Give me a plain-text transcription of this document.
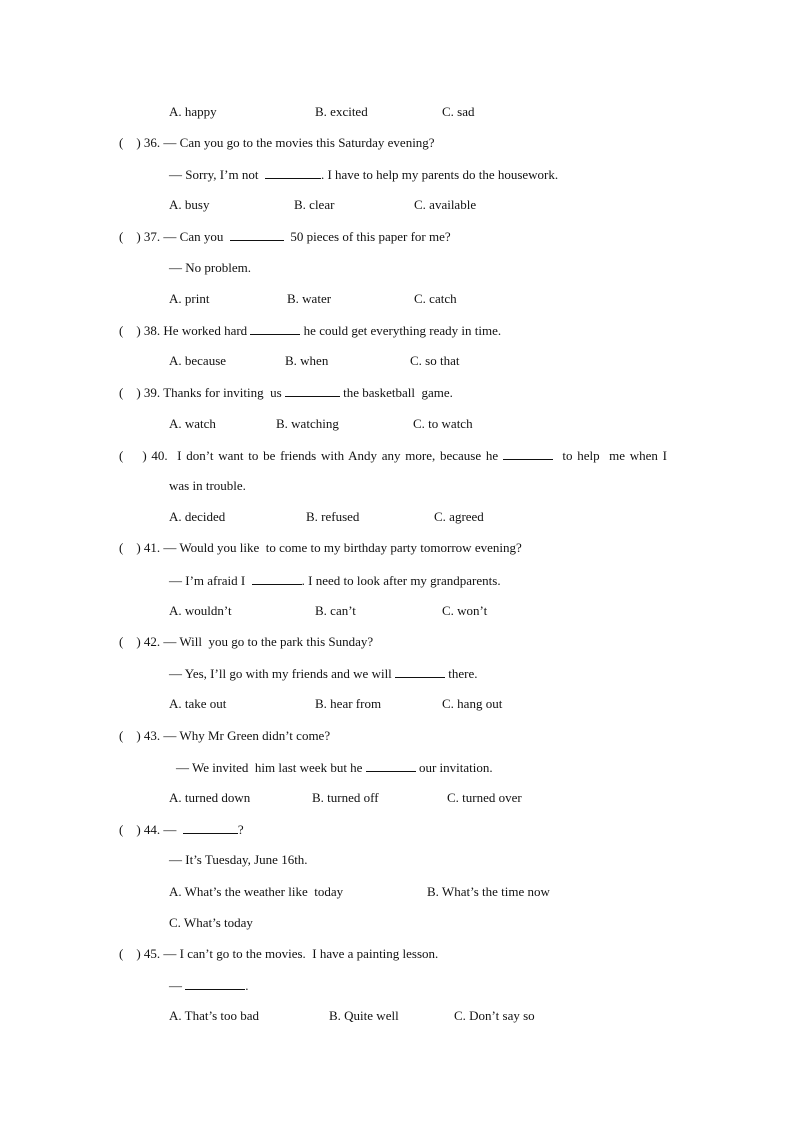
A. happy	B. excited	C. sad
(    ) 36. — Can you go to the movies this Saturday evening?
— Sorry, I’m not	. I have to help my parents do the housework.
A. busy	B. clear	C. available
(    ) 37. — Can you	50 pieces of this paper for me?
— No problem.
A. print	B. water	C. catch
(    ) 38. He worked hard	he could get everything ready in time.
A. because	B. when	C. so that
(    ) 39. Thanks for inviting  us	the basketball  game.
A. watch	B. watching	C. to watch
(    ) 40. I don’t want to be friends with Andy any more, because he	to help  me when I
was in trouble.
A. decided	B. refused	C. agreed
(    ) 41. — Would you like  to come to my birthday party tomorrow evening?
— I’m afraid I	. I need to look after my grandparents.
A. wouldn’t	B. can’t	C. won’t
(    ) 42. — Will  you go to the park this Sunday?
— Yes, I’ll go with my friends and we will	there.
A. take out	B. hear from	C. hang out
(    ) 43. — Why Mr Green didn’t come?
— We invited  him last week but he	our invitation.
A. turned down	B. turned off	C. turned over
(    ) 44. —	?
— It’s Tuesday, June 16th.
A. What’s the weather like  today	B. What’s the time now
C. What’s today
(    ) 45. — I can’t go to the movies.  I have a painting lesson.
—	.
A. That’s too bad	B. Quite well	C. Don’t say so
